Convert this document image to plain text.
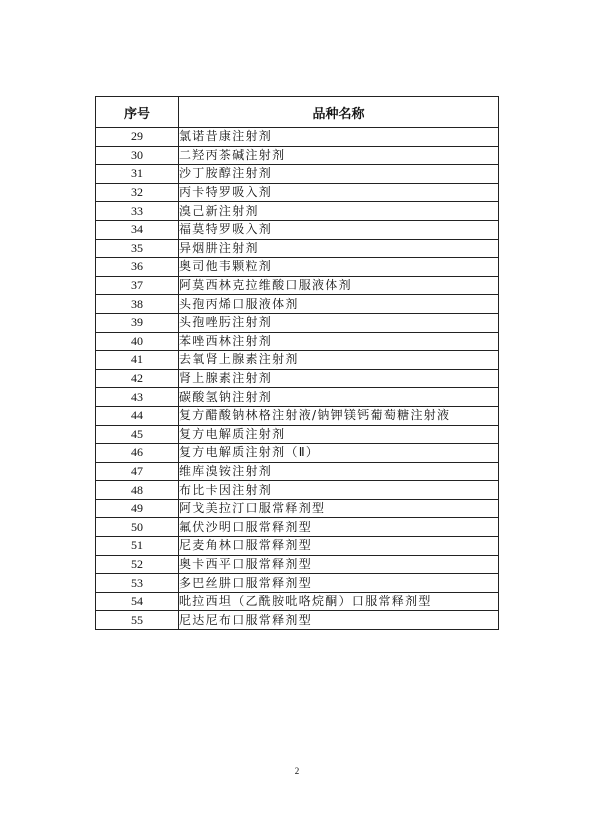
序号	品种名称
29	氯诺昔康注射剂
30	二羟丙茶碱注射剂
31	沙丁胺醇注射剂
32	丙卡特罗吸入剂
33	溴己新注射剂
34	福莫特罗吸入剂
35	异烟肼注射剂
36	奥司他韦颗粒剂
37	阿莫西林克拉维酸口服液体剂
38	头孢丙烯口服液体剂
39	头孢唑肟注射剂
40	苯唑西林注射剂
41	去氧肾上腺素注射剂
42	肾上腺素注射剂
43	碳酸氢钠注射剂
44	复方醋酸钠林格注射液/钠钾镁钙葡萄糖注射液
45	复方电解质注射剂
46	复方电解质注射剂（Ⅱ）
47	维库溴铵注射剂
48	布比卡因注射剂
49	阿戈美拉汀口服常释剂型
50	氟伏沙明口服常释剂型
51	尼麦角林口服常释剂型
52	奥卡西平口服常释剂型
53	多巴丝肼口服常释剂型
54	吡拉西坦（乙酰胺吡咯烷酮）口服常释剂型
55	尼达尼布口服常释剂型
2
